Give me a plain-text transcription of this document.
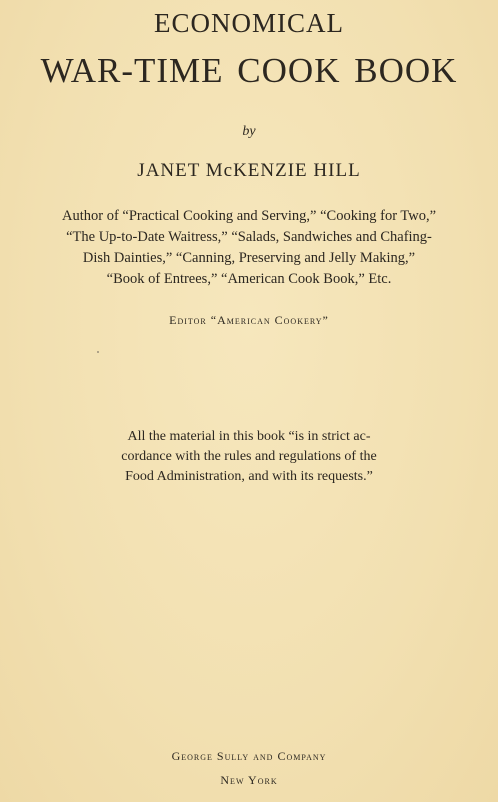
ECONOMICAL
WAR-TIME COOK BOOK
by
JANET McKENZIE HILL
Author of “Practical Cooking and Serving,” “Cooking for Two,”
“The Up-to-Date Waitress,” “Salads, Sandwiches and Chafing-
Dish Dainties,” “Canning, Preserving and Jelly Making,”
“Book of Entrees,” “American Cook Book,” Etc.
Editor “American Cookery”
All the material in this book “is in strict ac-
cordance with the rules and regulations of the
Food Administration, and with its requests.”
George Sully and Company
New York
